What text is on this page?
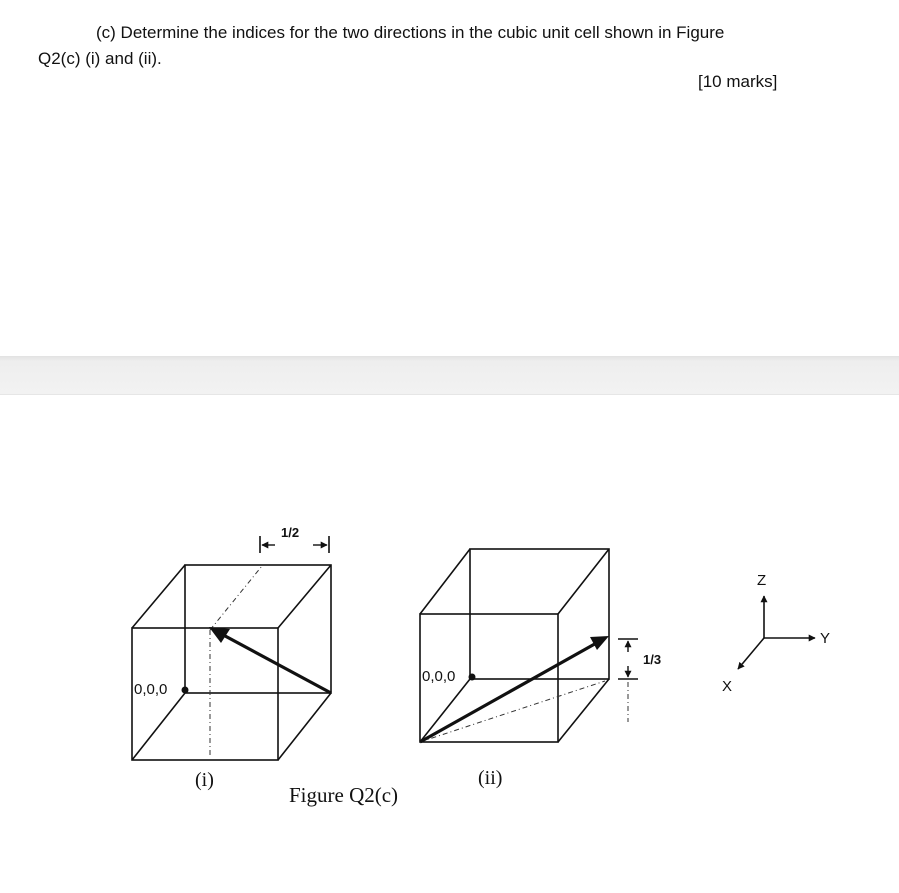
(c) Determine the indices for the two directions in the cubic unit cell shown in Figure
Q2(c) (i) and (ii).

[10 marks]
0,0,0
1/2
(i)
0,0,0
1/3
(ii)
Figure Q2(c)
Z
Y
X
